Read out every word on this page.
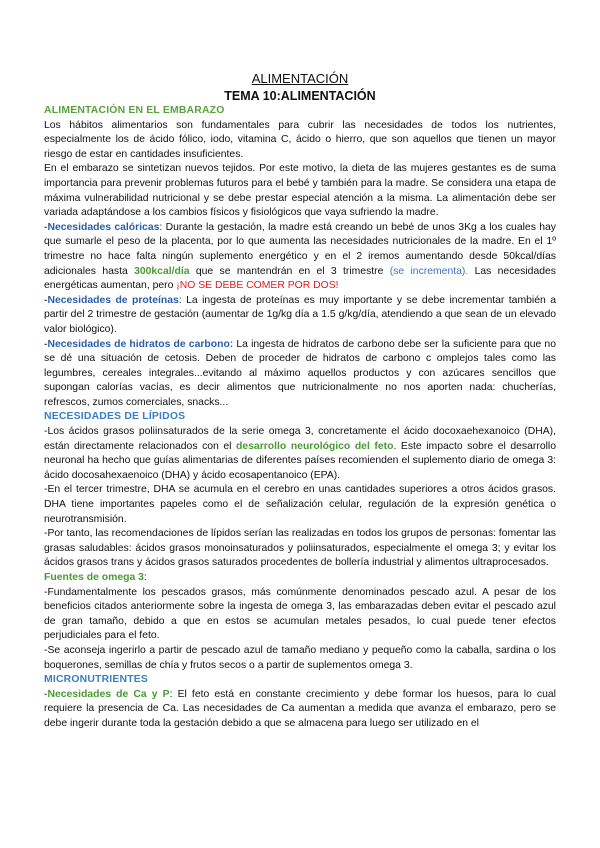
ALIMENTACIÓN
TEMA 10:ALIMENTACIÓN
ALIMENTACIÓN EN EL EMBARAZO

Los hábitos alimentarios son fundamentales para cubrir las necesidades de todos los nutrientes, especialmente los de ácido fólico, iodo, vitamina C, ácido o hierro, que son aquellos que tienen un mayor riesgo de estar en cantidades insuficientes.

En el embarazo se sintetizan nuevos tejidos. Por este motivo, la dieta de las mujeres gestantes es de suma importancia para prevenir problemas futuros para el bebé y también para la madre. Se considera una etapa de máxima vulnerabilidad nutricional y se debe prestar especial atención a la misma. La alimentación debe ser variada adaptándose a los cambios físicos y fisiológicos que vaya sufriendo la madre.

-Necesidades calóricas: Durante la gestación, la madre está creando un bebé de unos 3Kg a los cuales hay que sumarle el peso de la placenta, por lo que aumenta las necesidades nutricionales de la madre. En el 1º trimestre no hace falta ningún suplemento energético y en el 2 iremos aumentando desde 50kcal/días adicionales hasta 300kcal/día que se mantendrán en el 3 trimestre (se incrementa). Las necesidades energéticas aumentan, pero ¡NO SE DEBE COMER POR DOS!

-Necesidades de proteínas: La ingesta de proteínas es muy importante y se debe incrementar también a partir del 2 trimestre de gestación (aumentar de 1g/kg día a 1.5 g/kg/día, atendiendo a que sean de un elevado valor biológico).

-Necesidades de hidratos de carbono: La ingesta de hidratos de carbono debe ser la suficiente para que no se dé una situación de cetosis. Deben de proceder de hidratos de carbono c omplejos tales como las legumbres, cereales integrales...evitando al máximo aquellos productos y con azúcares sencillos que supongan calorías vacías, es decir alimentos que nutricionalmente no nos aporten nada: chucherías, refrescos, zumos comerciales, snacks...

NECESIDADES DE LÍPIDOS

-Los ácidos grasos poliinsaturados de la serie omega 3, concretamente el ácido docoxaehexanoico (DHA), están directamente relacionados con el desarrollo neurológico del feto. Este impacto sobre el desarrollo neuronal ha hecho que guías alimentarias de diferentes países recomienden el suplemento diario de omega 3: ácido docosahexaenoico (DHA) y ácido ecosapentanoico (EPA).

-En el tercer trimestre, DHA se acumula en el cerebro en unas cantidades superiores a otros ácidos grasos. DHA tiene importantes papeles como el de señalización celular, regulación de la expresión genética o neurotransmisión.

-Por tanto, las recomendaciones de lípidos serían las realizadas en todos los grupos de personas: fomentar las grasas saludables: ácidos grasos monoinsaturados y poliinsaturados, especialmente el omega 3; y evitar los ácidos grasos trans y ácidos grasos saturados procedentes de bollería industrial y alimentos ultraprocesados.

Fuentes de omega 3:

-Fundamentalmente los pescados grasos, más comúnmente denominados pescado azul. A pesar de los beneficios citados anteriormente sobre la ingesta de omega 3, las embarazadas deben evitar el pescado azul de gran tamaño, debido a que en estos se acumulan metales pesados, lo cual puede tener efectos perjudiciales para el feto.

-Se aconseja ingerirlo a partir de pescado azul de tamaño mediano y pequeño como la caballa, sardina o los boquerones, semillas de chía y frutos secos o a partir de suplementos omega 3.

MICRONUTRIENTES

-Necesidades de Ca y P: El feto está en constante crecimiento y debe formar los huesos, para lo cual requiere la presencia de Ca. Las necesidades de Ca aumentan a medida que avanza el embarazo, pero se debe ingerir durante toda la gestación debido a que se almacena para luego ser utilizado en el
